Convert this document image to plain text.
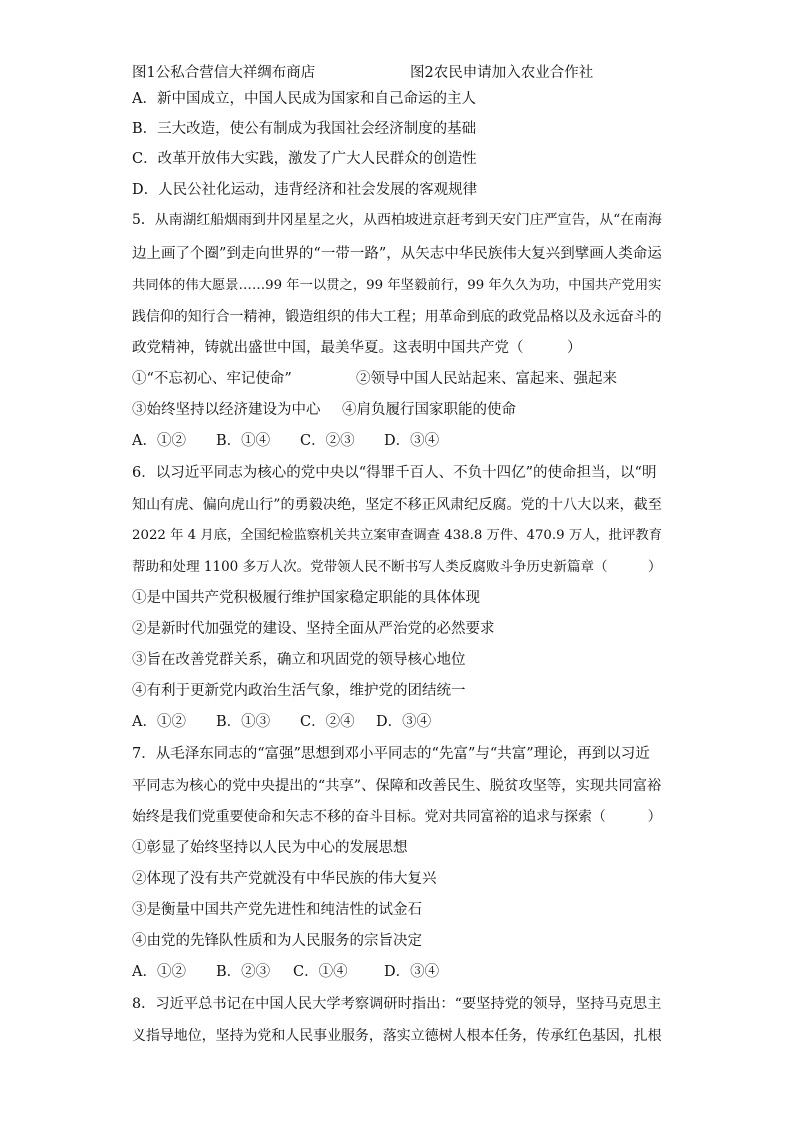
图1公私合营信大祥绸布商店	图2农民申请加入农业合作社
A．新中国成立，中国人民成为国家和自己命运的主人
B．三大改造，使公有制成为我国社会经济制度的基础
C．改革开放伟大实践，激发了广大人民群众的创造性
D．人民公社化运动，违背经济和社会发展的客观规律
5．从南湖红船烟雨到井冈星星之火，从西柏坡进京赶考到天安门庄严宣告，从“在南海
边上画了个圈”到走向世界的“一带一路”，从矢志中华民族伟大复兴到擘画人类命运
共同体的伟大愿景……99 年一以贯之，99 年坚毅前行，99 年久久为功，中国共产党用实
践信仰的知行合一精神，锻造组织的伟大工程；用革命到底的政党品格以及永远奋斗的
政党精神，铸就出盛世中国，最美华夏。这表明中国共产党（　　　）
①“不忘初心、牢记使命”	②领导中国人民站起来、富起来、强起来
③始终坚持以经济建设为中心 ④肩负履行国家职能的使命
A．①② B．①④ C．②③ D．③④
6．以习近平同志为核心的党中央以“得罪千百人、不负十四亿”的使命担当，以“明
知山有虎、偏向虎山行”的勇毅决绝，坚定不移正风肃纪反腐。党的十八大以来，截至
2022 年 4 月底，全国纪检监察机关共立案审查调查 438.8 万件、470.9 万人，批评教育
帮助和处理 1100 多万人次。党带领人民不断书写人类反腐败斗争历史新篇章（　　　）
①是中国共产党积极履行维护国家稳定职能的具体体现
②是新时代加强党的建设、坚持全面从严治党的必然要求
③旨在改善党群关系，确立和巩固党的领导核心地位
④有利于更新党内政治生活气象，维护党的团结统一
A．①② B．①③ C．②④ D．③④
7．从毛泽东同志的“富强”思想到邓小平同志的“先富”与“共富”理论，再到以习近
平同志为核心的党中央提出的“共享”、保障和改善民生、脱贫攻坚等，实现共同富裕
始终是我们党重要使命和矢志不移的奋斗目标。党对共同富裕的追求与探索（　　　）
①彰显了始终坚持以人民为中心的发展思想
②体现了没有共产党就没有中华民族的伟大复兴
③是衡量中国共产党先进性和纯洁性的试金石
④由党的先锋队性质和为人民服务的宗旨决定
A．①② B．②③ C．①④	D．③④
8．习近平总书记在中国人民大学考察调研时指出：“要坚持党的领导，坚持马克思主
义指导地位，坚持为党和人民事业服务，落实立德树人根本任务，传承红色基因，扎根
